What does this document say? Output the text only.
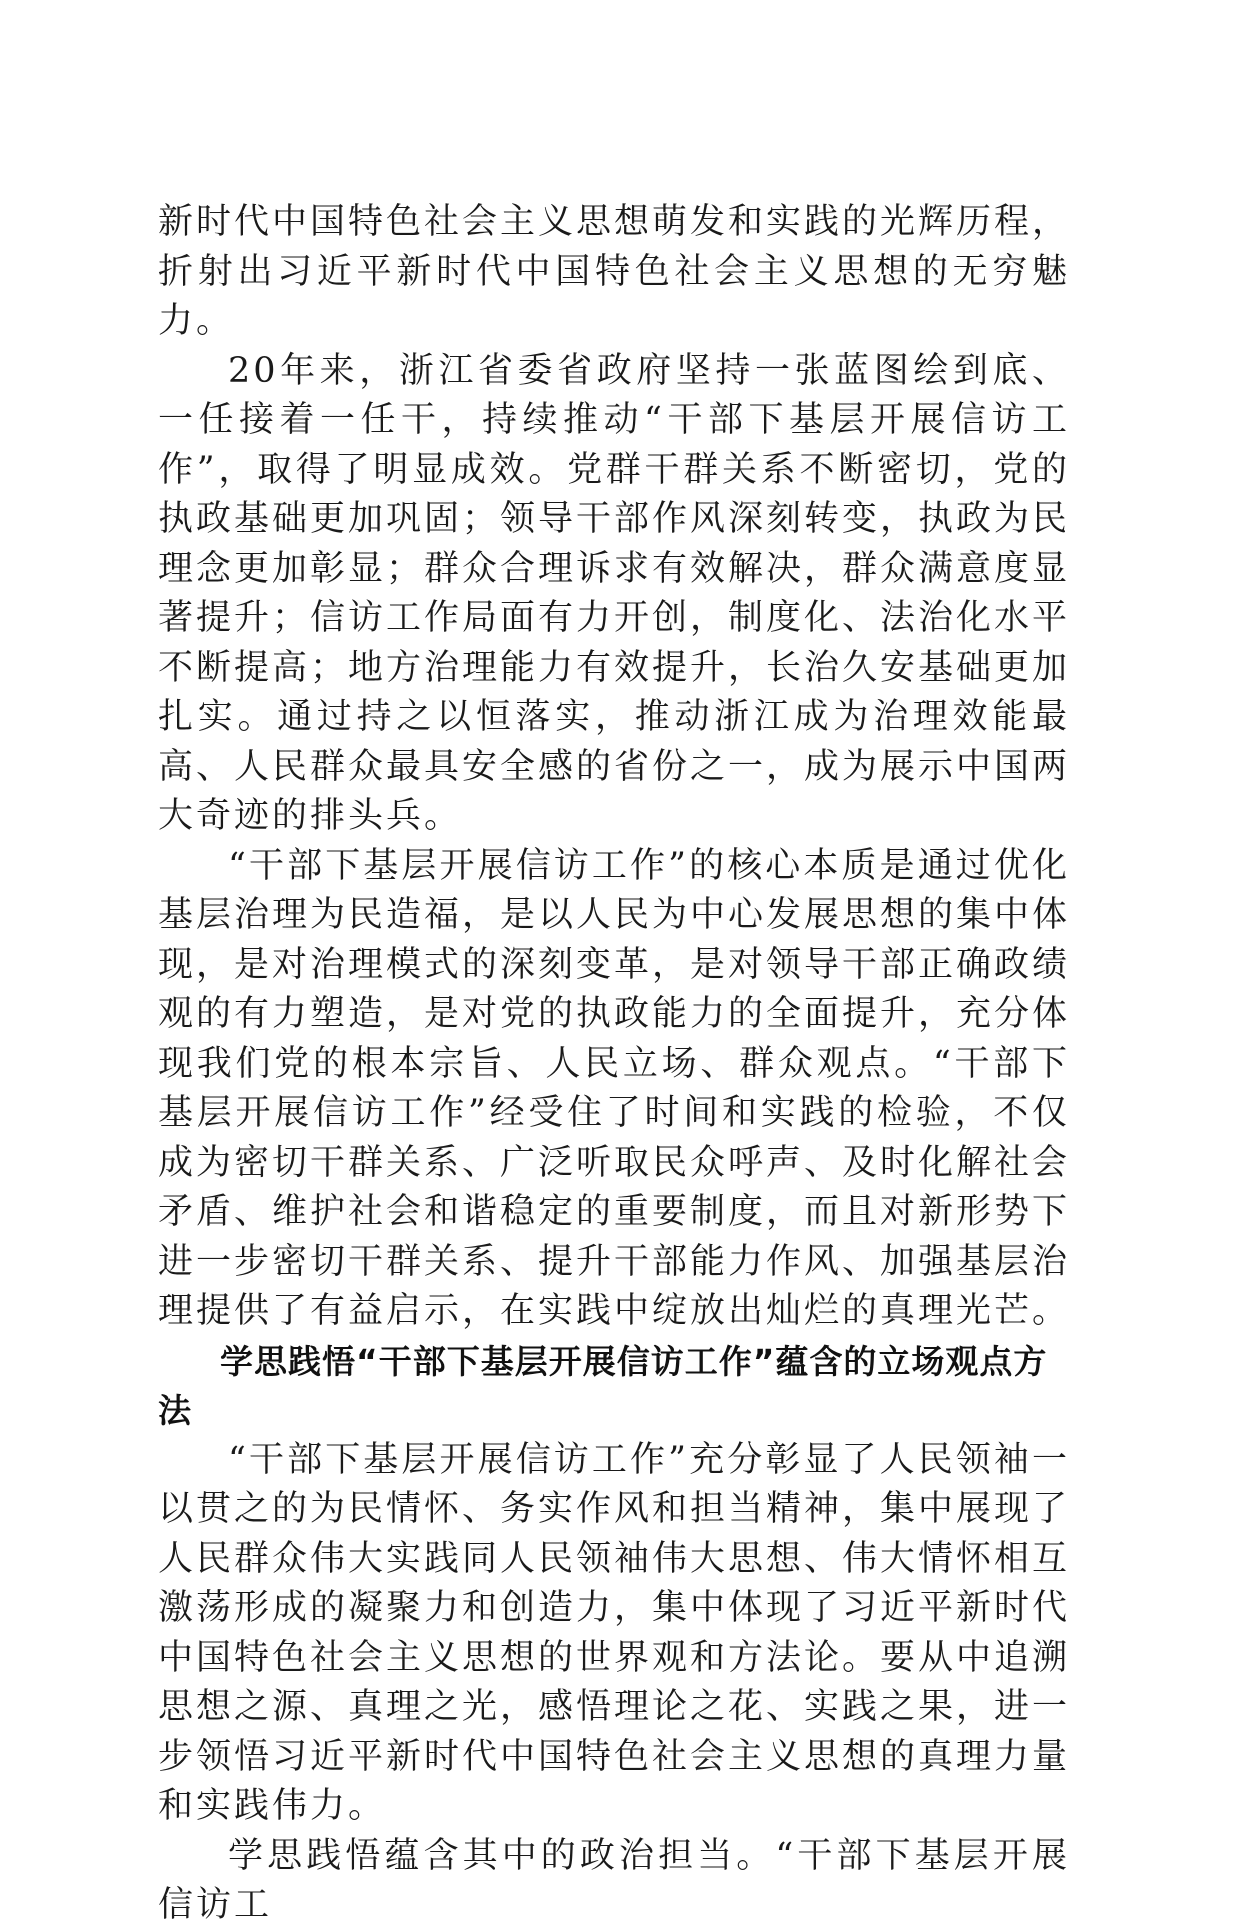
新时代中国特色社会主义思想萌发和实践的光辉历程，折射出习近平新时代中国特色社会主义思想的无穷魅力。

20年来，浙江省委省政府坚持一张蓝图绘到底、一任接着一任干，持续推动“干部下基层开展信访工作”，取得了明显成效。党群干群关系不断密切，党的执政基础更加巩固；领导干部作风深刻转变，执政为民理念更加彰显；群众合理诉求有效解决，群众满意度显著提升；信访工作局面有力开创，制度化、法治化水平不断提高；地方治理能力有效提升，长治久安基础更加扎实。通过持之以恒落实，推动浙江成为治理效能最高、人民群众最具安全感的省份之一，成为展示中国两大奇迹的排头兵。

“干部下基层开展信访工作”的核心本质是通过优化基层治理为民造福，是以人民为中心发展思想的集中体现，是对治理模式的深刻变革，是对领导干部正确政绩观的有力塑造，是对党的执政能力的全面提升，充分体现我们党的根本宗旨、人民立场、群众观点。“干部下基层开展信访工作”经受住了时间和实践的检验，不仅成为密切干群关系、广泛听取民众呼声、及时化解社会矛盾、维护社会和谐稳定的重要制度，而且对新形势下进一步密切干群关系、提升干部能力作风、加强基层治理提供了有益启示，在实践中绽放出灿烂的真理光芒。

学思践悟“干部下基层开展信访工作”蕴含的立场观点方法

“干部下基层开展信访工作”充分彰显了人民领袖一以贯之的为民情怀、务实作风和担当精神，集中展现了人民群众伟大实践同人民领袖伟大思想、伟大情怀相互激荡形成的凝聚力和创造力，集中体现了习近平新时代中国特色社会主义思想的世界观和方法论。要从中追溯思想之源、真理之光，感悟理论之花、实践之果，进一步领悟习近平新时代中国特色社会主义思想的真理力量和实践伟力。

学思践悟蕴含其中的政治担当。“干部下基层开展信访工
